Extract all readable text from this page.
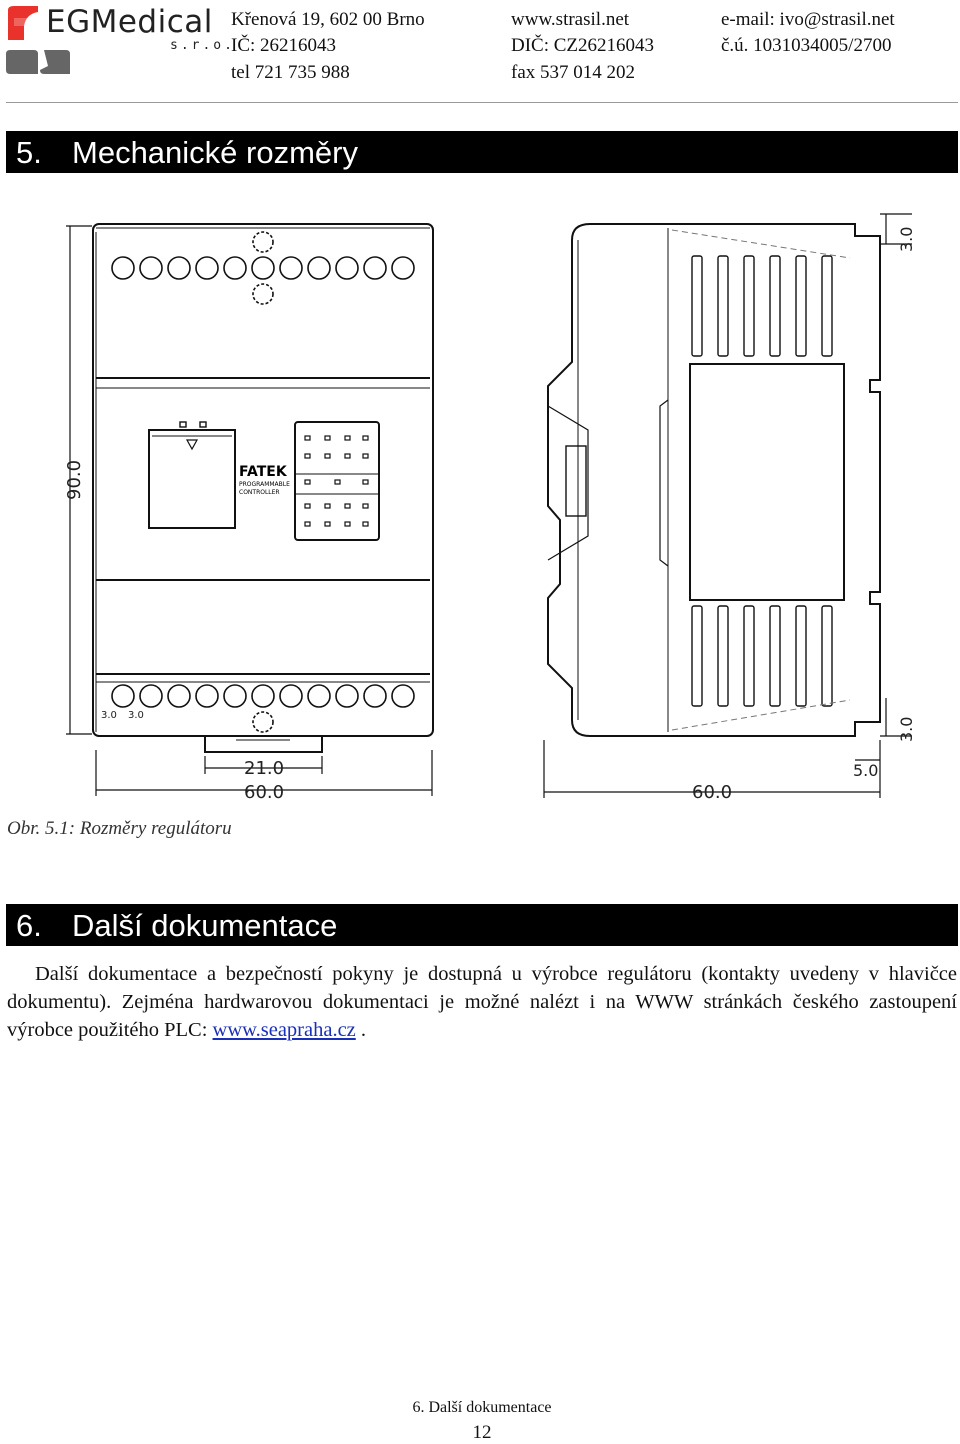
EGMedical
s.r.o.
Křenová 19, 602 00 Brno
IČ: 26216043
tel 721 735 988
www.strasil.net
DIČ: CZ26216043
fax 537 014 202
e-mail: ivo@strasil.net
č.ú. 1031034005/2700
5. Mechanické rozměry
FATEK
PROGRAMMABLE
CONTROLLER
90.0
60.0
21.0
3.0 3.0
60.0
3.0
3.0
5.0
Obr. 5.1: Rozměry regulátoru
6. Další dokumentace
Další dokumentace a bezpečností pokyny je dostupná u výrobce regulátoru (kontakty uvedeny v hlavičce dokumentu). Zejména hardwarovou dokumentaci je možné nalézt i na WWW stránkách českého zastoupení výrobce použitého PLC: www.seapraha.cz .
6. Další dokumentace
12
